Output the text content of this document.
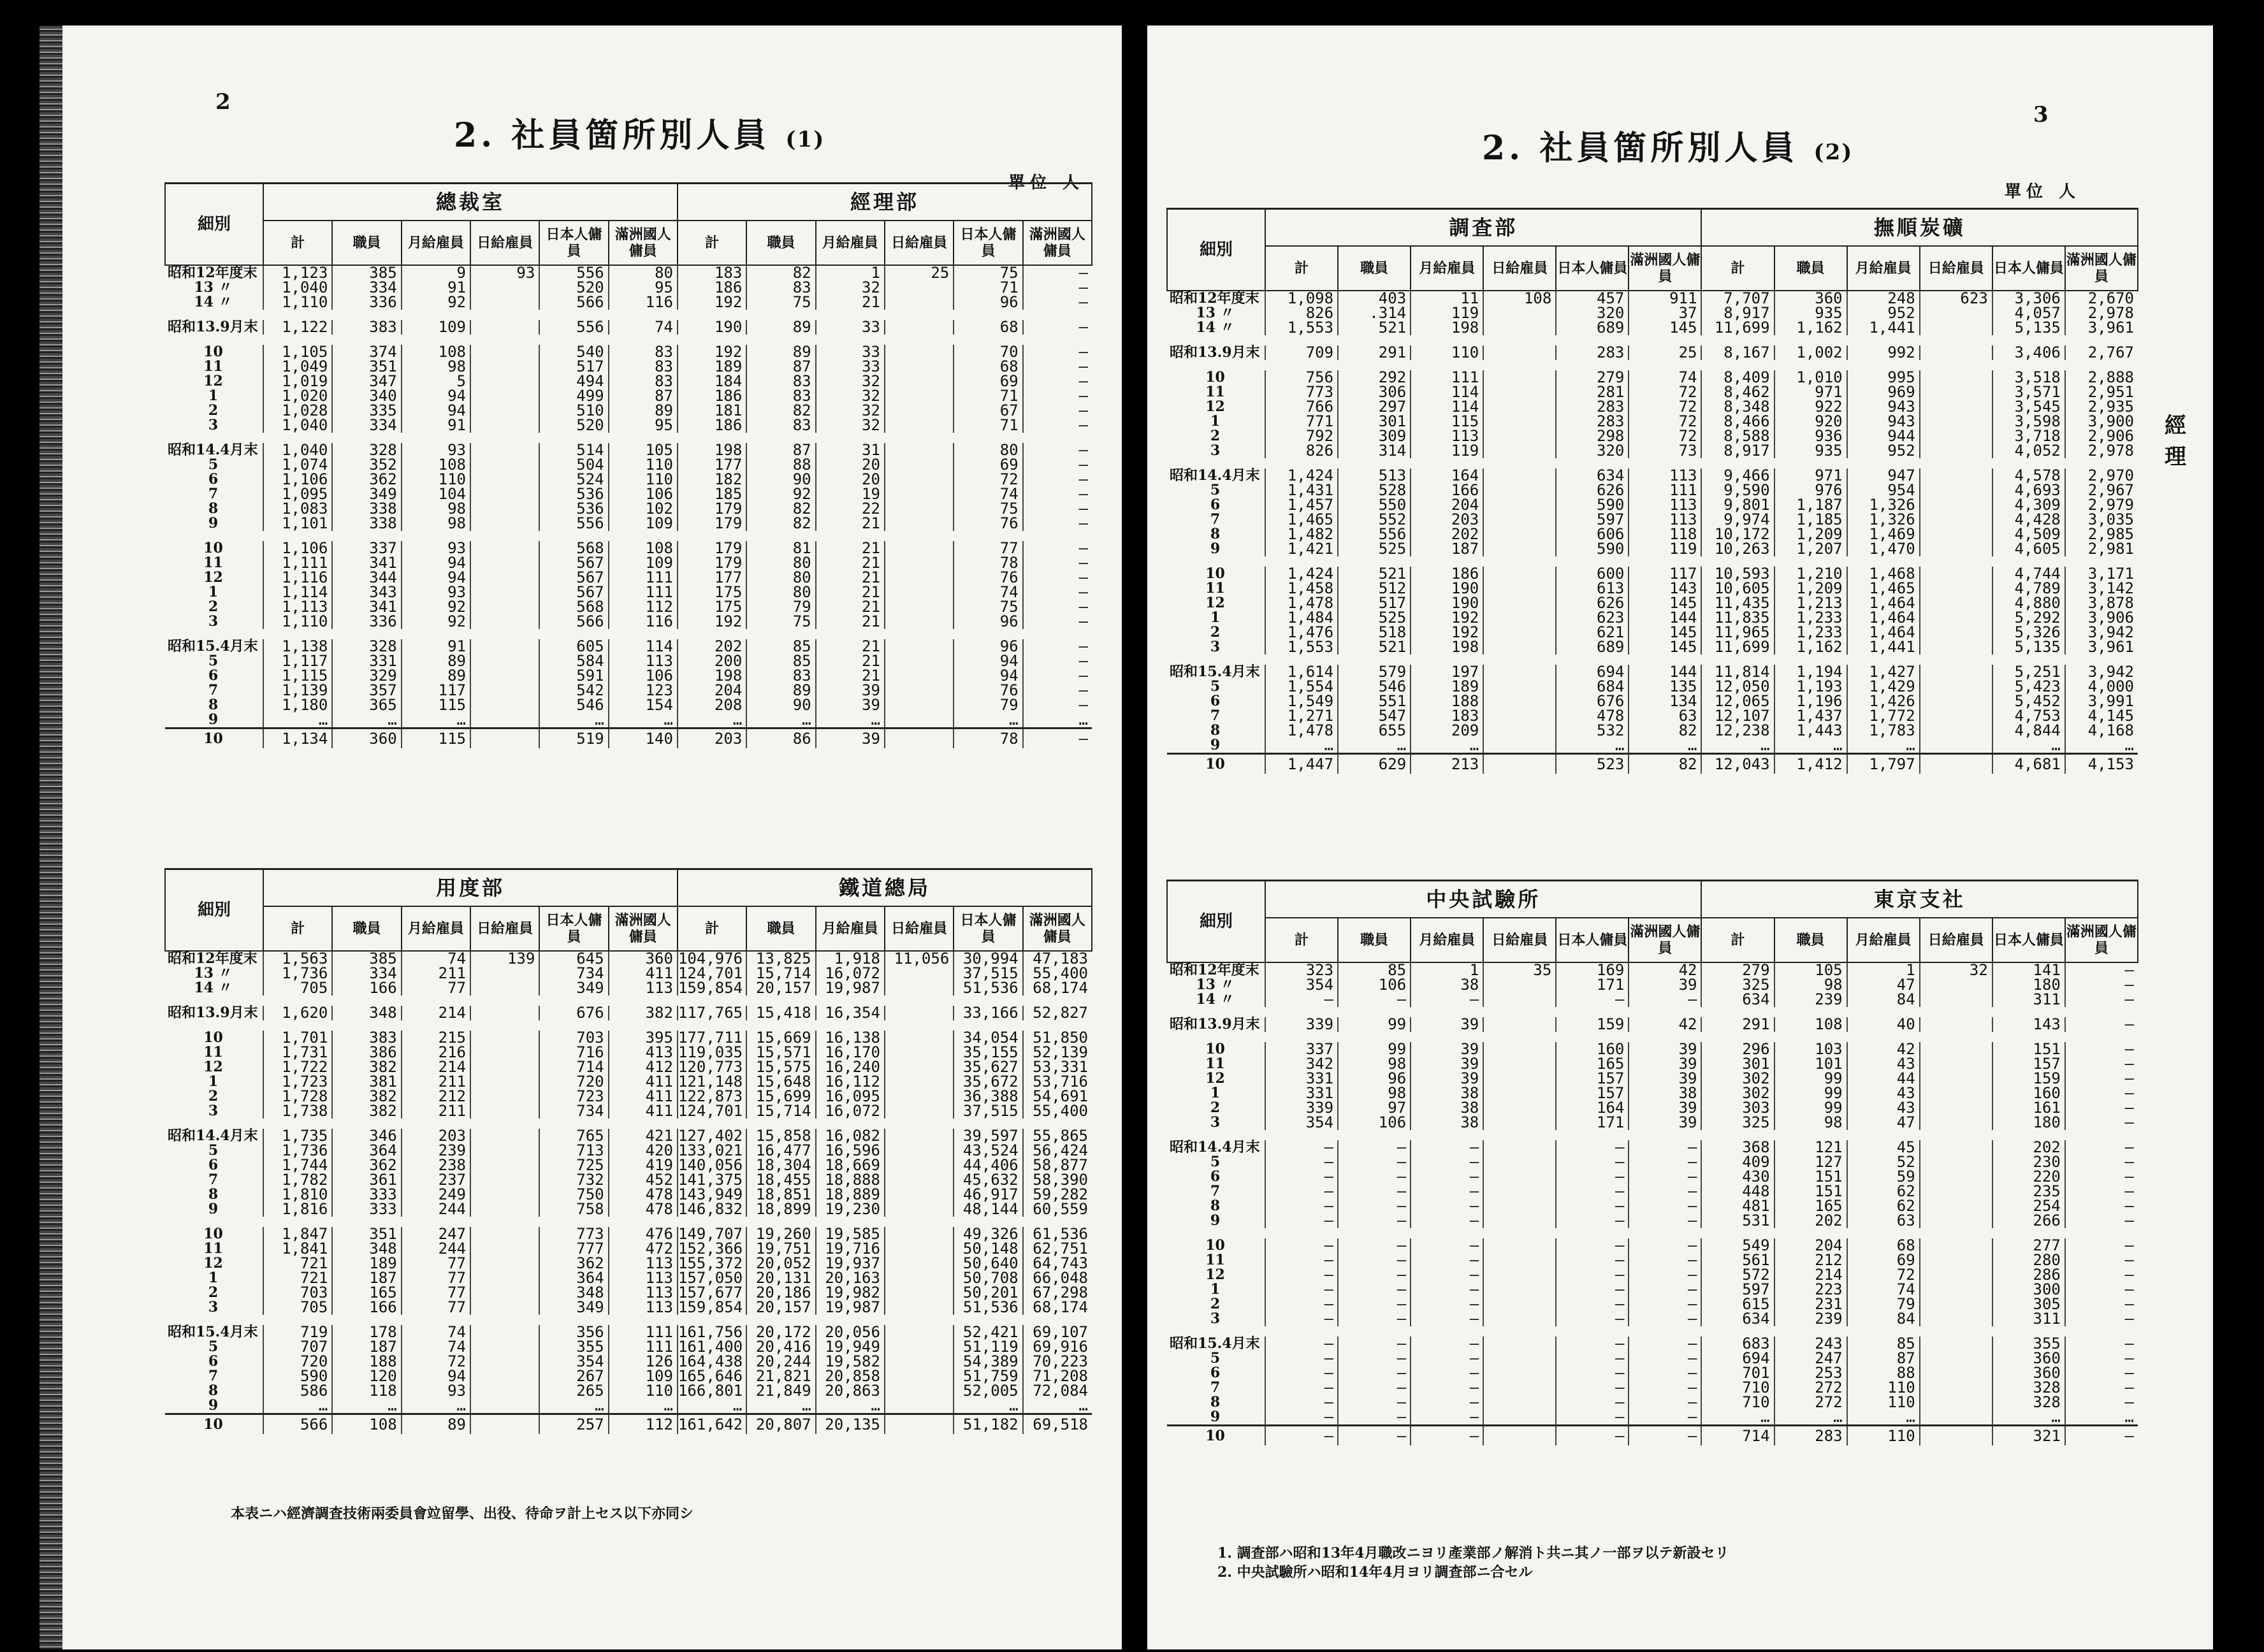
2
2. 社員箇所別人員 (1)
單位 人
細別	總裁室						經理部					
	計	職員	月給雇員	日給雇員	日本人傭員	滿洲國人傭員	計	職員	月給雇員	日給雇員	日本人傭員	滿洲國人傭員
昭和12年度末	1,123	385	9	93	556	80	183	82	1	25	75	—
13 〃	1,040	334	91		520	95	186	83	32		71	—
14 〃	1,110	336	92		566	116	192	75	21		96	—

昭和13.9月末	1,122	383	109		556	74	190	89	33		68	—

10	1,105	374	108		540	83	192	89	33		70	—
11	1,049	351	98		517	83	189	87	33		68	—
12	1,019	347	5		494	83	184	83	32		69	—
1	1,020	340	94		499	87	186	83	32		71	—
2	1,028	335	94		510	89	181	82	32		67	—
3	1,040	334	91		520	95	186	83	32		71	—

昭和14.4月末	1,040	328	93		514	105	198	87	31		80	—
5	1,074	352	108		504	110	177	88	20		69	—
6	1,106	362	110		524	110	182	90	20		72	—
7	1,095	349	104		536	106	185	92	19		74	—
8	1,083	338	98		536	102	179	82	22		75	—
9	1,101	338	98		556	109	179	82	21		76	—

10	1,106	337	93		568	108	179	81	21		77	—
11	1,111	341	94		567	109	179	80	21		78	—
12	1,116	344	94		567	111	177	80	21		76	—
1	1,114	343	93		567	111	175	80	21		74	—
2	1,113	341	92		568	112	175	79	21		75	—
3	1,110	336	92		566	116	192	75	21		96	—

昭和15.4月末	1,138	328	91		605	114	202	85	21		96	—
5	1,117	331	89		584	113	200	85	21		94	—
6	1,115	329	89		591	106	198	83	21		94	—
7	1,139	357	117		542	123	204	89	39		76	—
8	1,180	365	115		546	154	208	90	39		79	—
9	…	…	…		…	…	…	…	…		…	…
10	1,134	360	115		519	140	203	86	39		78	—
細別	用度部						鐵道總局					
	計	職員	月給雇員	日給雇員	日本人傭員	滿洲國人傭員	計	職員	月給雇員	日給雇員	日本人傭員	滿洲國人傭員
昭和12年度末	1,563	385	74	139	645	360	104,976	13,825	1,918	11,056	30,994	47,183
13 〃	1,736	334	211		734	411	124,701	15,714	16,072		37,515	55,400
14 〃	705	166	77		349	113	159,854	20,157	19,987		51,536	68,174

昭和13.9月末	1,620	348	214		676	382	117,765	15,418	16,354		33,166	52,827

10	1,701	383	215		703	395	177,711	15,669	16,138		34,054	51,850
11	1,731	386	216		716	413	119,035	15,571	16,170		35,155	52,139
12	1,722	382	214		714	412	120,773	15,575	16,240		35,627	53,331
1	1,723	381	211		720	411	121,148	15,648	16,112		35,672	53,716
2	1,728	382	212		723	411	122,873	15,699	16,095		36,388	54,691
3	1,738	382	211		734	411	124,701	15,714	16,072		37,515	55,400

昭和14.4月末	1,735	346	203		765	421	127,402	15,858	16,082		39,597	55,865
5	1,736	364	239		713	420	133,021	16,477	16,596		43,524	56,424
6	1,744	362	238		725	419	140,056	18,304	18,669		44,406	58,877
7	1,782	361	237		732	452	141,375	18,455	18,888		45,632	58,390
8	1,810	333	249		750	478	143,949	18,851	18,889		46,917	59,282
9	1,816	333	244		758	478	146,832	18,899	19,230		48,144	60,559

10	1,847	351	247		773	476	149,707	19,260	19,585		49,326	61,536
11	1,841	348	244		777	472	152,366	19,751	19,716		50,148	62,751
12	721	189	77		362	113	155,372	20,052	19,937		50,640	64,743
1	721	187	77		364	113	157,050	20,131	20,163		50,708	66,048
2	703	165	77		348	113	157,677	20,186	19,982		50,201	67,298
3	705	166	77		349	113	159,854	20,157	19,987		51,536	68,174

昭和15.4月末	719	178	74		356	111	161,756	20,172	20,056		52,421	69,107
5	707	187	74		355	111	161,400	20,416	19,949		51,119	69,916
6	720	188	72		354	126	164,438	20,244	19,582		54,389	70,223
7	590	120	94		267	109	165,646	21,821	20,858		51,759	71,208
8	586	118	93		265	110	166,801	21,849	20,863		52,005	72,084
9	…	…	…		…	…	…	…	…		…	…
10	566	108	89		257	112	161,642	20,807	20,135		51,182	69,518
本表ニハ經濟調査技術兩委員會竝留學、出役、待命ヲ計上セス以下亦同シ
3
2. 社員箇所別人員 (2)
單位 人
經 理
細別	調査部						撫順炭礦					
	計	職員	月給雇員	日給雇員	日本人傭員	滿洲國人傭員	計	職員	月給雇員	日給雇員	日本人傭員	滿洲國人傭員
昭和12年度末	1,098	403	11	108	457	911	7,707	360	248	623	3,306	2,670
13 〃	826	.314	119		320	37	8,917	935	952		4,057	2,978
14 〃	1,553	521	198		689	145	11,699	1,162	1,441		5,135	3,961

昭和13.9月末	709	291	110		283	25	8,167	1,002	992		3,406	2,767

10	756	292	111		279	74	8,409	1,010	995		3,518	2,888
11	773	306	114		281	72	8,462	971	969		3,571	2,951
12	766	297	114		283	72	8,348	922	943		3,545	2,935
1	771	301	115		283	72	8,466	920	943		3,598	3,900
2	792	309	113		298	72	8,588	936	944		3,718	2,906
3	826	314	119		320	73	8,917	935	952		4,052	2,978

昭和14.4月末	1,424	513	164		634	113	9,466	971	947		4,578	2,970
5	1,431	528	166		626	111	9,590	976	954		4,693	2,967
6	1,457	550	204		590	113	9,801	1,187	1,326		4,309	2,979
7	1,465	552	203		597	113	9,974	1,185	1,326		4,428	3,035
8	1,482	556	202		606	118	10,172	1,209	1,469		4,509	2,985
9	1,421	525	187		590	119	10,263	1,207	1,470		4,605	2,981

10	1,424	521	186		600	117	10,593	1,210	1,468		4,744	3,171
11	1,458	512	190		613	143	10,605	1,209	1,465		4,789	3,142
12	1,478	517	190		626	145	11,435	1,213	1,464		4,880	3,878
1	1,484	525	192		623	144	11,835	1,233	1,464		5,292	3,906
2	1,476	518	192		621	145	11,965	1,233	1,464		5,326	3,942
3	1,553	521	198		689	145	11,699	1,162	1,441		5,135	3,961

昭和15.4月末	1,614	579	197		694	144	11,814	1,194	1,427		5,251	3,942
5	1,554	546	189		684	135	12,050	1,193	1,429		5,423	4,000
6	1,549	551	188		676	134	12,065	1,196	1,426		5,452	3,991
7	1,271	547	183		478	63	12,107	1,437	1,772		4,753	4,145
8	1,478	655	209		532	82	12,238	1,443	1,783		4,844	4,168
9	…	…	…		…	…	…	…	…		…	…
10	1,447	629	213		523	82	12,043	1,412	1,797		4,681	4,153
細別	中央試驗所						東京支社					
	計	職員	月給雇員	日給雇員	日本人傭員	滿洲國人傭員	計	職員	月給雇員	日給雇員	日本人傭員	滿洲國人傭員
昭和12年度末	323	85	1	35	169	42	279	105	1	32	141	—
13 〃	354	106	38		171	39	325	98	47		180	—
14 〃	—	—	—		—	—	634	239	84		311	—

昭和13.9月末	339	99	39		159	42	291	108	40		143	—

10	337	99	39		160	39	296	103	42		151	—
11	342	98	39		165	39	301	101	43		157	—
12	331	96	39		157	39	302	99	44		159	—
1	331	98	38		157	38	302	99	43		160	—
2	339	97	38		164	39	303	99	43		161	—
3	354	106	38		171	39	325	98	47		180	—

昭和14.4月末	—	—	—		—	—	368	121	45		202	—
5	—	—	—		—	—	409	127	52		230	—
6	—	—	—		—	—	430	151	59		220	—
7	—	—	—		—	—	448	151	62		235	—
8	—	—	—		—	—	481	165	62		254	—
9	—	—	—		—	—	531	202	63		266	—

10	—	—	—		—	—	549	204	68		277	—
11	—	—	—		—	—	561	212	69		280	—
12	—	—	—		—	—	572	214	72		286	—
1	—	—	—		—	—	597	223	74		300	—
2	—	—	—		—	—	615	231	79		305	—
3	—	—	—		—	—	634	239	84		311	—

昭和15.4月末	—	—	—		—	—	683	243	85		355	—
5	—	—	—		—	—	694	247	87		360	—
6	—	—	—		—	—	701	253	88		360	—
7	—	—	—		—	—	710	272	110		328	—
8	—	—	—		—	—	710	272	110		328	—
9	—	—	—		—	—	…	…	…		…	…
10	—	—	—		—	—	714	283	110		321	—
1. 調査部ハ昭和13年4月職改ニヨリ產業部ノ解消ト共ニ其ノ一部ヲ以テ新設セリ
2. 中央試驗所ハ昭和14年4月ヨリ調査部ニ合セル
